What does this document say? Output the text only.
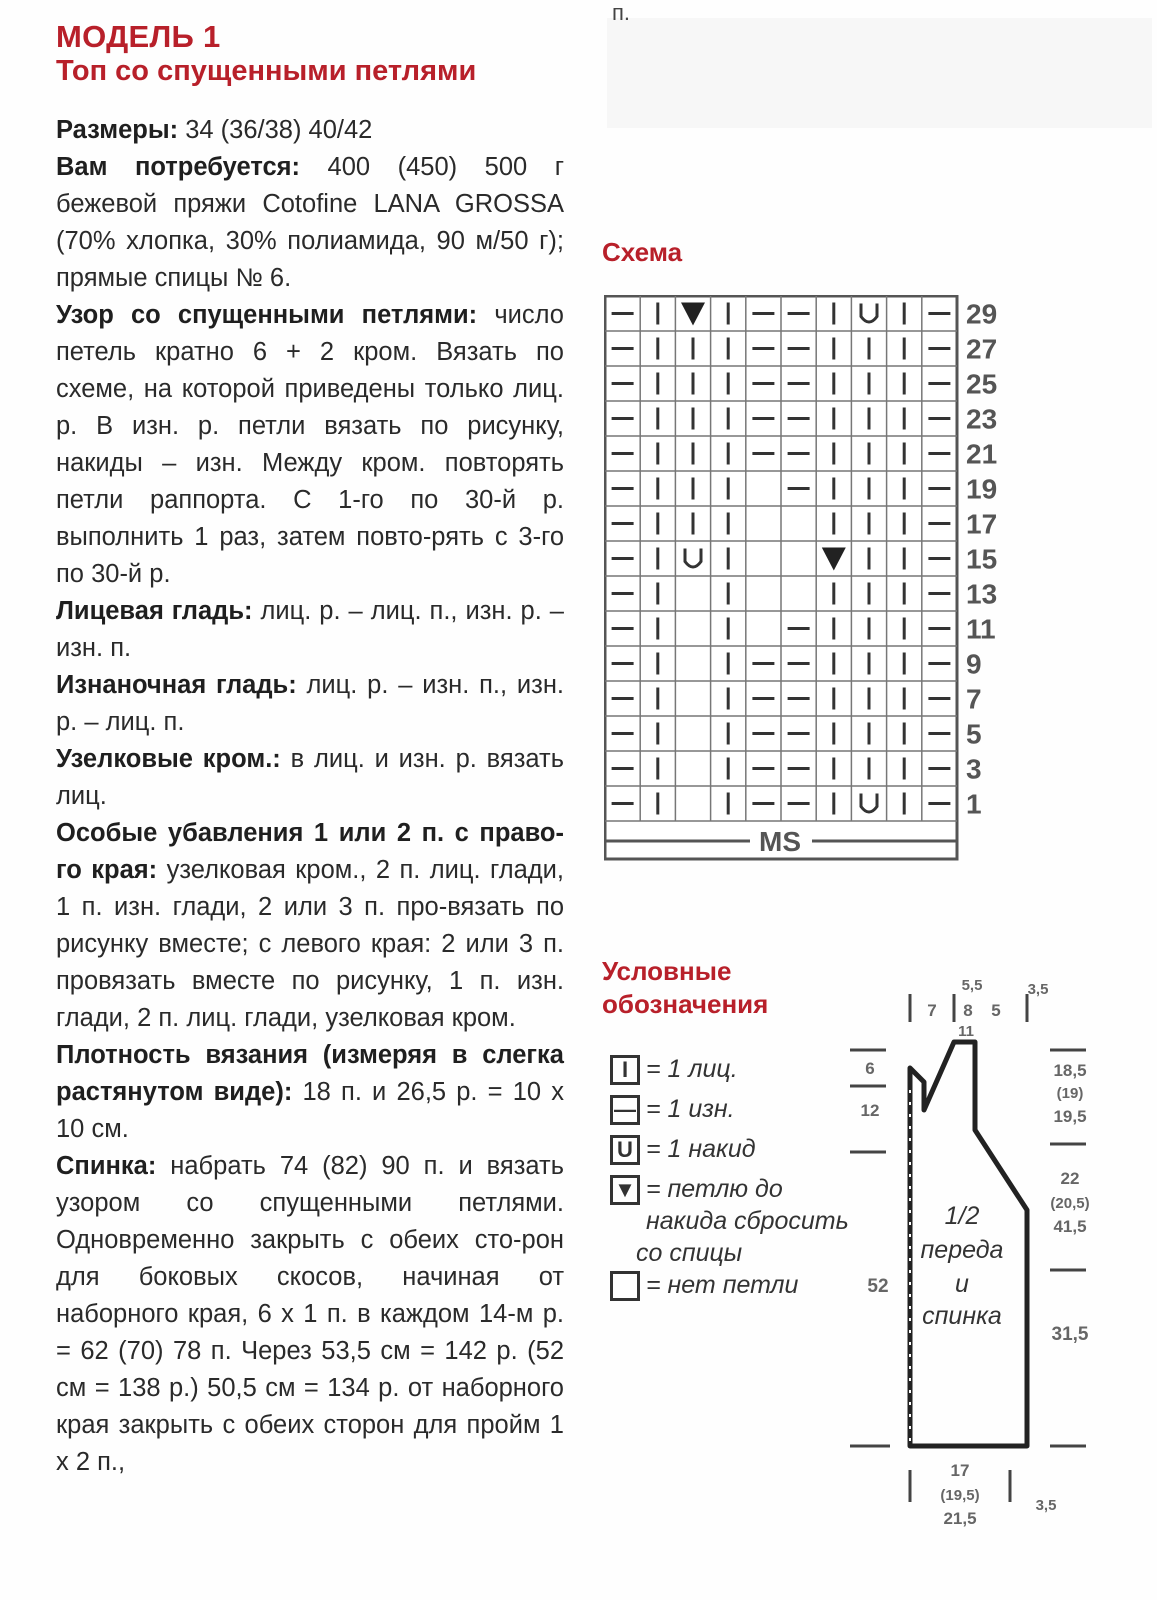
п.
МОДЕЛЬ 1
Топ со спущенными петлями

Размеры: 34 (36/38) 40/42

Вам потребуется: 400 (450) 500 г бежевой пряжи Cotofine LANA GROSSA (70% хлопка, 30% полиамида, 90 м/50 г); прямые спицы № 6.

Узор со спущенными петлями: число петель кратно 6 + 2 кром. Вязать по схеме, на которой приведены только лиц. р. В изн. р. петли вязать по рисунку, накиды – изн. Между кром. повторять петли раппорта. С 1-го по 30-й р. выполнить 1 раз, затем повто-рять с 3-го по 30-й р.

Лицевая гладь: лиц. р. – лиц. п., изн. р. – изн. п.

Изнаночная гладь: лиц. р. – изн. п., изн. р. – лиц. п.

Узелковые кром.: в лиц. и изн. р. вязать лиц.

Особые убавления 1 или 2 п. с право-го края: узелковая кром., 2 п. лиц. глади, 1 п. изн. глади, 2 или 3 п. про-вязать по рисунку вместе; с левого края: 2 или 3 п. провязать вместе по рисунку, 1 п. изн. глади, 2 п. лиц. глади, узелковая кром.

Плотность вязания (измеряя в слегка растянутом виде): 18 п. и 26,5 р. = 10 х 10 см.

Спинка: набрать 74 (82) 90 п. и вязать узором со спущенными петлями. Одновременно закрыть с обеих сто-рон для боковых скосов, начиная от наборного края, 6 х 1 п. в каждом 14-м р. = 62 (70) 78 п. Через 53,5 см = 142 р. (52 см = 138 р.) 50,5 см = 134 р. от наборного края закрыть с обеих сторон для пройм 1 х 2 п.,

Схема
29
27
25
23
21
19
17
15
13
11
9
7
5
3
1
MS
Условные
обозначения
I = 1 лиц.
— = 1 изн.
U = 1 накид
▼ = петлю до
накида сбросить
со спицы
= нет петли
5,5
7 8 5
3,5
11
6
12
52
18,5
(19)
19,5
22
(20,5)
41,5
31,5
17
(19,5)
21,5
3,5
1/2
переда
и
спинка
